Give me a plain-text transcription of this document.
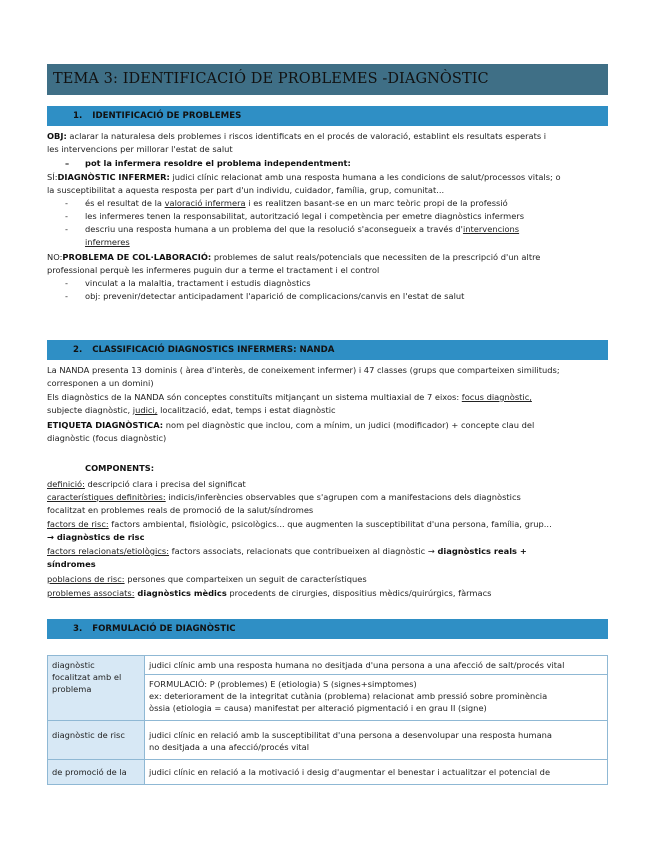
TEMA 3: IDENTIFICACIÓ DE PROBLEMES -DIAGNÒSTIC
1. IDENTIFICACIÓ DE PROBLEMES
OBJ: aclarar la naturalesa dels problemes i riscos identificats en el procés de valoració, establint els resultats esperats i
les intervencions per millorar l'estat de salut
– pot la infermera resoldre el problema independentment:
SÍ:DIAGNÒSTIC INFERMER: judici clínic relacionat amb una resposta humana a les condicions de salut/processos vitals; o
la susceptibilitat a aquesta resposta per part d'un individu, cuidador, família, grup, comunitat...
- és el resultat de la valoració infermera i es realitzen basant-se en un marc teòric propi de la professió
- les infermeres tenen la responsabilitat, autorització legal i competència per emetre diagnòstics infermers
- descriu una resposta humana a un problema del que la resolució s'aconsegueix a través d'intervencions
infermeres
NO:PROBLEMA DE COL·LABORACIÓ: problemes de salut reals/potencials que necessiten de la prescripció d'un altre
professional perquè les infermeres puguin dur a terme el tractament i el control
- vinculat a la malaltia, tractament i estudis diagnòstics
- obj: prevenir/detectar anticipadament l'aparició de complicacions/canvis en l'estat de salut
2. CLASSIFICACIÓ DIAGNOSTICS INFERMERS: NANDA
La NANDA presenta 13 dominis ( àrea d'interès, de coneixement infermer) i 47 classes (grups que comparteixen similituds;
corresponen a un domini)
Els diagnòstics de la NANDA són conceptes constituïts mitjançant un sistema multiaxial de 7 eixos: focus diagnòstic,
subjecte diagnòstic, judici, localització, edat, temps i estat diagnòstic
ETIQUETA DIAGNÒSTICA: nom pel diagnòstic que inclou, com a mínim, un judici (modificador) + concepte clau del
diagnòstic (focus diagnòstic)
COMPONENTS:
definició: descripció clara i precisa del significat
característiques definitòries: indicis/inferències observables que s'agrupen com a manifestacions dels diagnòstics
focalitzat en problemes reals de promoció de la salut/síndromes
factors de risc: factors ambiental, fisiològic, psicològics... que augmenten la susceptibilitat d'una persona, família, grup...
→ diagnòstics de risc
factors relacionats/etiològics: factors associats, relacionats que contribueixen al diagnòstic → diagnòstics reals +
síndromes
poblacions de risc: persones que comparteixen un seguit de característiques
problemes associats: diagnòstics mèdics procedents de cirurgies, dispositius mèdics/quirúrgics, fàrmacs
3. FORMULACIÓ DE DIAGNÒSTIC
diagnòstic
focalitzat amb el
problema	judici clínic amb una resposta humana no desitjada d'una persona a una afecció de salt/procés vital

	FORMULACIÓ: P (problemes) E (etiologia) S (signes+simptomes)
ex: deteriorament de la integritat cutània (problema) relacionat amb pressió sobre prominència
òssia (etiologia = causa) manifestat per alteració pigmentació i en grau II (signe)

diagnòstic de risc	judici clínic en relació amb la susceptibilitat d'una persona a desenvolupar una resposta humana
no desitjada a una afecció/procés vital

de promoció de la	judici clínic en relació a la motivació i desig d'augmentar el benestar i actualitzar el potencial de
